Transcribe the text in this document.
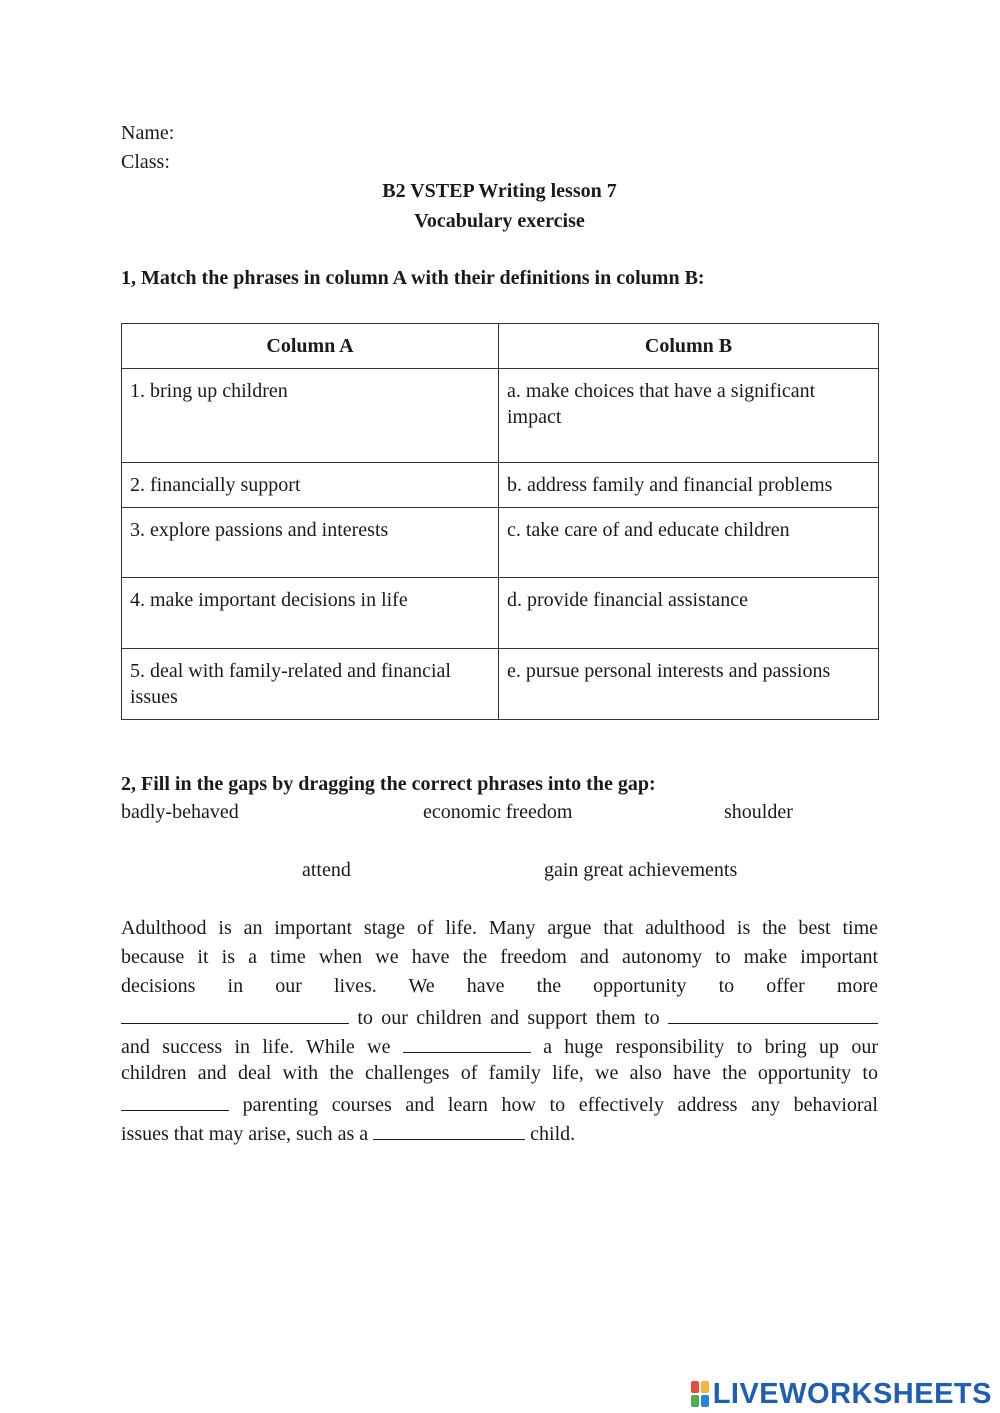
Name:
Class:
B2 VSTEP Writing lesson 7
Vocabulary exercise
1, Match the phrases in column A with their definitions in column B:
Column A	Column B
1. bring up children	a. make choices that have a significant impact
2. financially support	b. address family and financial problems
3. explore passions and interests	c. take care of and educate children
4. make important decisions in life	d. provide financial assistance
5. deal with family-related and financial issues	e. pursue personal interests and passions
2, Fill in the gaps by dragging the correct phrases into the gap:
badly-behaved	economic freedom	shoulder
attend	gain great achievements
Adulthood is an important stage of life. Many argue that adulthood is the best time
because it is a time when we have the freedom and autonomy to make important
decisions in our lives. We have the opportunity to offer more
to our children and support them to
and success in life. While we	a huge responsibility to bring up our
children and deal with the challenges of family life, we also have the opportunity to
parenting courses and learn how to effectively address any behavioral
issues that may arise, such as a	child.
LIVEWORKSHEETS
